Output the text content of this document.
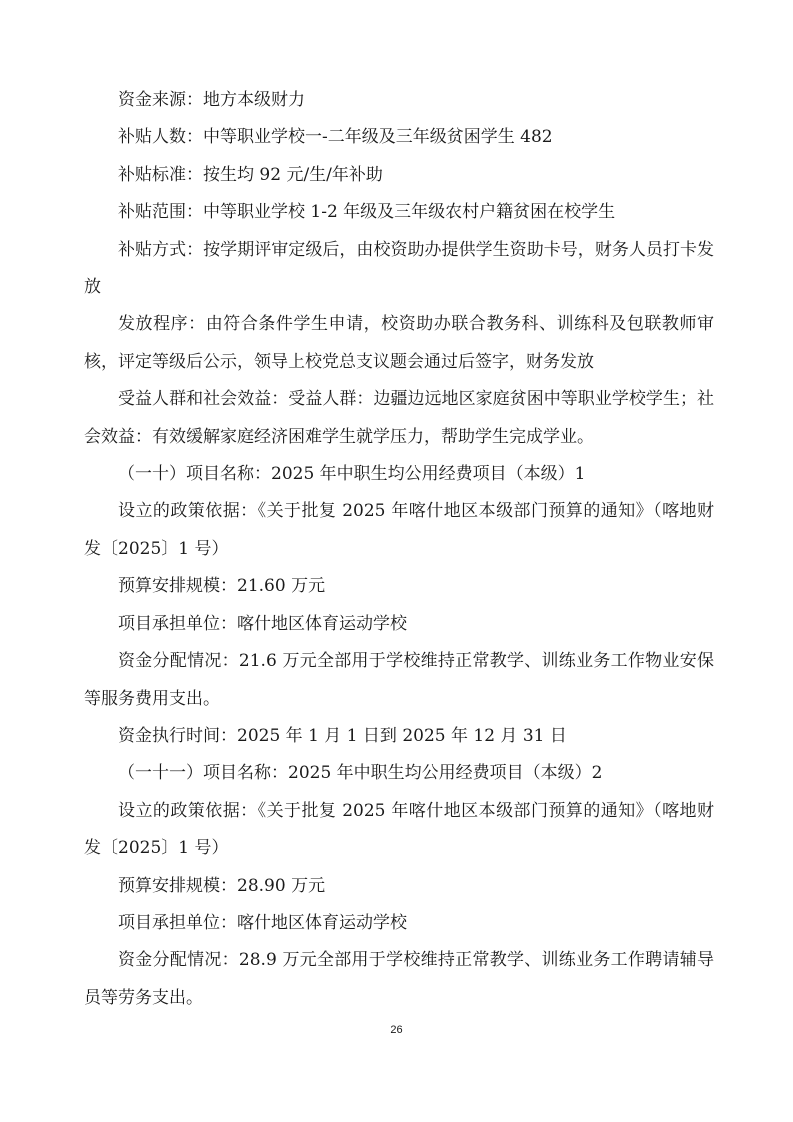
资金来源：地方本级财力

补贴人数：中等职业学校一-二年级及三年级贫困学生 482

补贴标准：按生均 92 元/生/年补助

补贴范围：中等职业学校 1-2 年级及三年级农村户籍贫困在校学生

补贴方式：按学期评审定级后，由校资助办提供学生资助卡号，财务人员打卡发放

发放程序：由符合条件学生申请，校资助办联合教务科、训练科及包联教师审核，评定等级后公示，领导上校党总支议题会通过后签字，财务发放

受益人群和社会效益：受益人群：边疆边远地区家庭贫困中等职业学校学生；社会效益：有效缓解家庭经济困难学生就学压力，帮助学生完成学业。

（一十）项目名称：2025 年中职生均公用经费项目（本级）1

设立的政策依据：《关于批复 2025 年喀什地区本级部门预算的通知》（喀地财发〔2025〕1 号）

预算安排规模：21.60 万元

项目承担单位：喀什地区体育运动学校

资金分配情况：21.6 万元全部用于学校维持正常教学、训练业务工作物业安保等服务费用支出。

资金执行时间：2025 年 1 月 1 日到 2025 年 12 月 31 日

（一十一）项目名称：2025 年中职生均公用经费项目（本级）2

设立的政策依据：《关于批复 2025 年喀什地区本级部门预算的通知》（喀地财发〔2025〕1 号）

预算安排规模：28.90 万元

项目承担单位：喀什地区体育运动学校

资金分配情况：28.9 万元全部用于学校维持正常教学、训练业务工作聘请辅导员等劳务支出。

26
